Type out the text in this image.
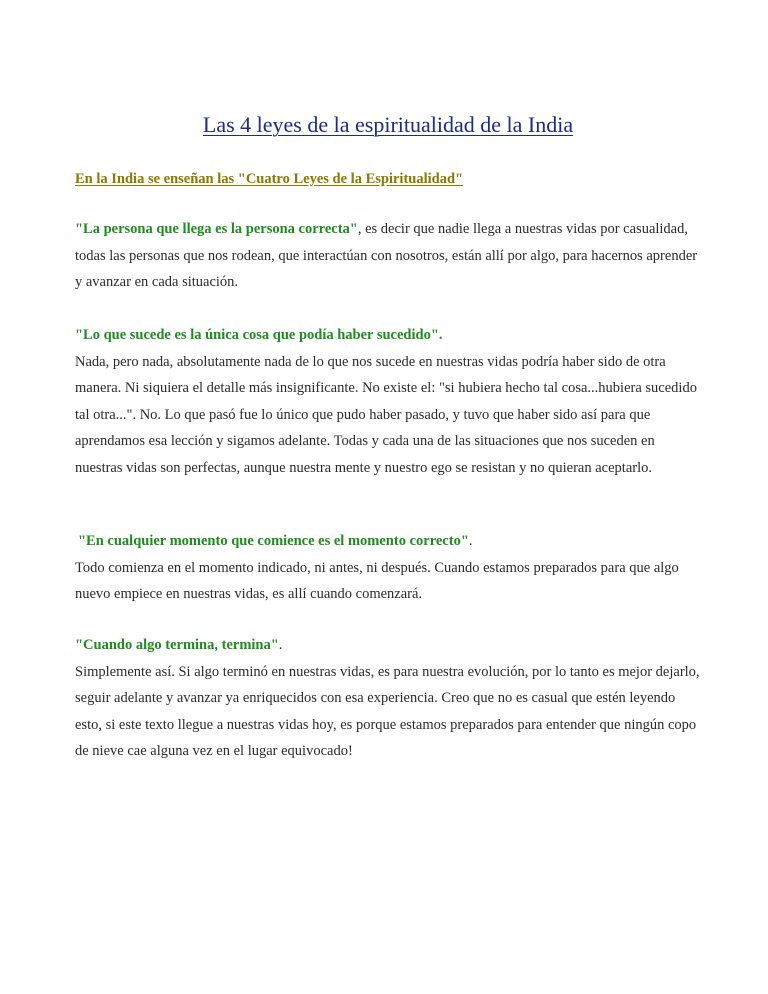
Las 4 leyes de la espiritualidad de la India

En la India se enseñan las "Cuatro Leyes de la Espiritualidad"

"La persona que llega es la persona correcta", es decir que nadie llega a nuestras vidas por casualidad, todas las personas que nos rodean, que interactúan con nosotros, están allí por algo, para hacernos aprender y avanzar en cada situación.

"Lo que sucede es la única cosa que podía haber sucedido".

Nada, pero nada, absolutamente nada de lo que nos sucede en nuestras vidas podría haber sido de otra manera. Ni siquiera el detalle más insignificante. No existe el: "si hubiera hecho tal cosa...hubiera sucedido tal otra...". No. Lo que pasó fue lo único que pudo haber pasado, y tuvo que haber sido así para que aprendamos esa lección y sigamos adelante. Todas y cada una de las situaciones que nos suceden en nuestras vidas son perfectas, aunque nuestra mente y nuestro ego se resistan y no quieran aceptarlo.

"En cualquier momento que comience es el momento correcto".

Todo comienza en el momento indicado, ni antes, ni después. Cuando estamos preparados para que algo nuevo empiece en nuestras vidas, es allí cuando comenzará.

"Cuando algo termina, termina".

Simplemente así. Si algo terminó en nuestras vidas, es para nuestra evolución, por lo tanto es mejor dejarlo, seguir adelante y avanzar ya enriquecidos con esa experiencia. Creo que no es casual que estén leyendo esto, si este texto llegue a nuestras vidas hoy, es porque estamos preparados para entender que ningún copo de nieve cae alguna vez en el lugar equivocado!
